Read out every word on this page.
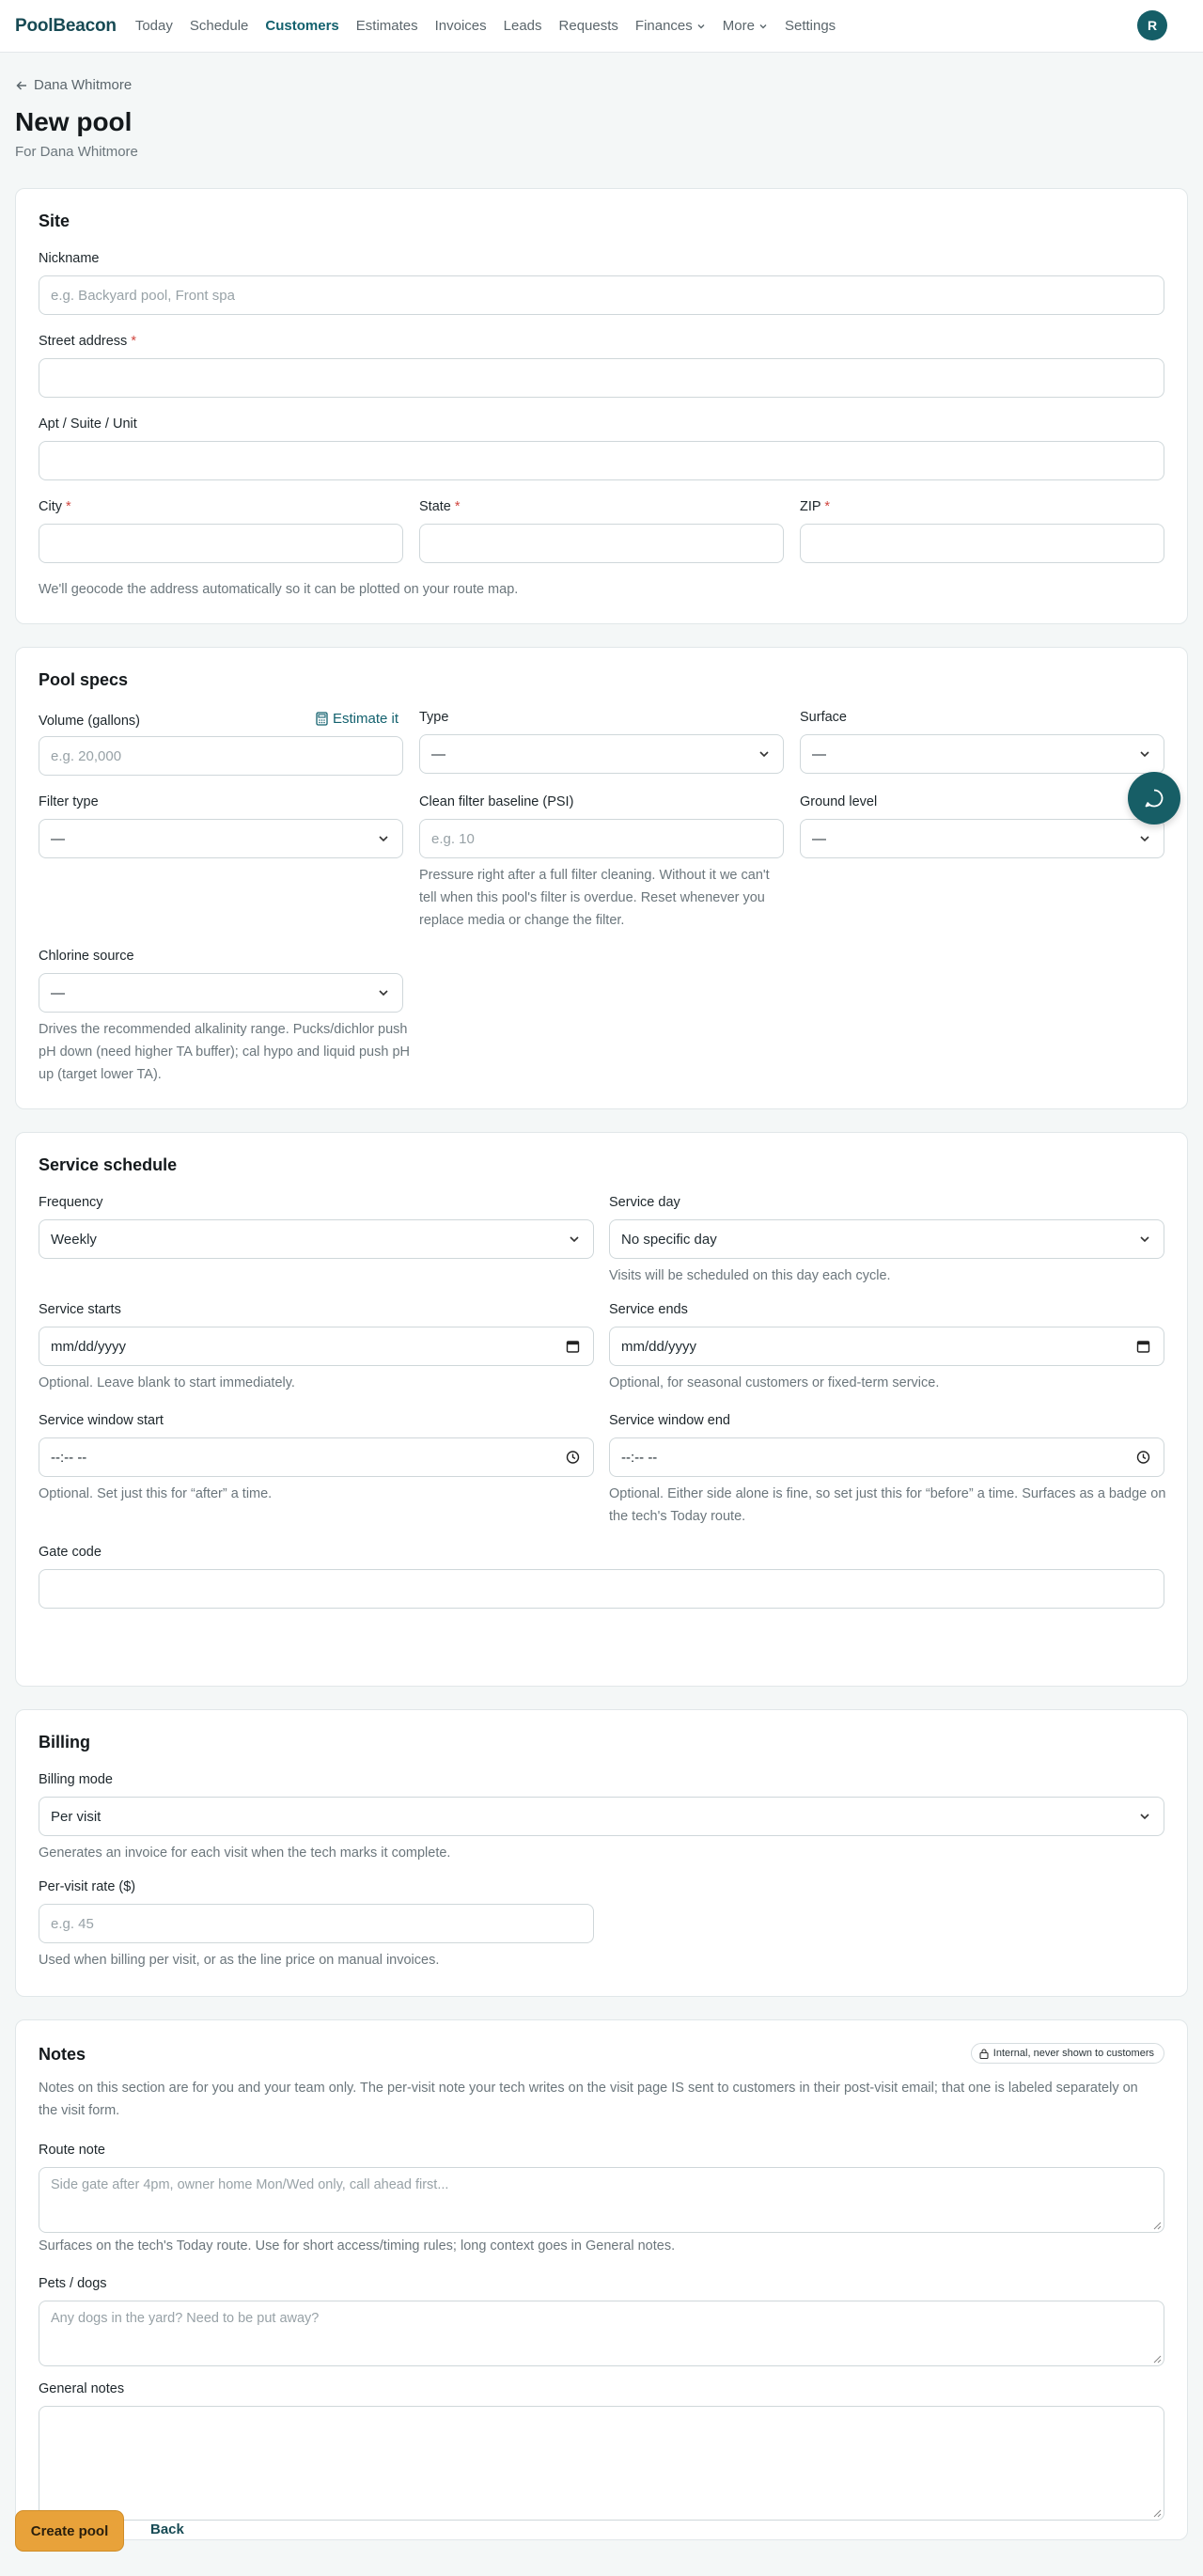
PoolBeacon Today Schedule Customers Estimates Invoices Leads Requests Finances More Settings	R
Dana Whitmore
New pool
For Dana Whitmore
Site
Nickname
e.g. Backyard pool, Front spa
Street address *
Apt / Suite / Unit
City *	State *	ZIP *
We'll geocode the address automatically so it can be plotted on your route map.
Pool specs
Volume (gallons)	Estimate it
e.g. 20,000
Type
—
Surface
—
Filter type
—
Clean filter baseline (PSI)
e.g. 10
Pressure right after a full filter cleaning. Without it we can't tell when this pool's filter is overdue. Reset whenever you replace media or change the filter.
Ground level
—
Chlorine source
—
Drives the recommended alkalinity range. Pucks/dichlor push pH down (need higher TA buffer); cal hypo and liquid push pH up (target lower TA).
Service schedule
Frequency
Weekly
Service day
No specific day
Visits will be scheduled on this day each cycle.
Service starts
mm/dd/yyyy
Optional. Leave blank to start immediately.
Service ends
mm/dd/yyyy
Optional, for seasonal customers or fixed-term service.
Service window start
--:-- --
Optional. Set just this for “after” a time.
Service window end
--:-- --
Optional. Either side alone is fine, so set just this for “before” a time. Surfaces as a badge on the tech's Today route.
Gate code
Billing
Billing mode
Per visit
Generates an invoice for each visit when the tech marks it complete.
Per-visit rate ($)
e.g. 45
Used when billing per visit, or as the line price on manual invoices.
Notes	Internal, never shown to customers
Notes on this section are for you and your team only. The per-visit note your tech writes on the visit page IS sent to customers in their post-visit email; that one is labeled separately on the visit form.
Route note
Side gate after 4pm, owner home Mon/Wed only, call ahead first...
Surfaces on the tech's Today route. Use for short access/timing rules; long context goes in General notes.
Pets / dogs
Any dogs in the yard? Need to be put away?
General notes
Create pool	Back
